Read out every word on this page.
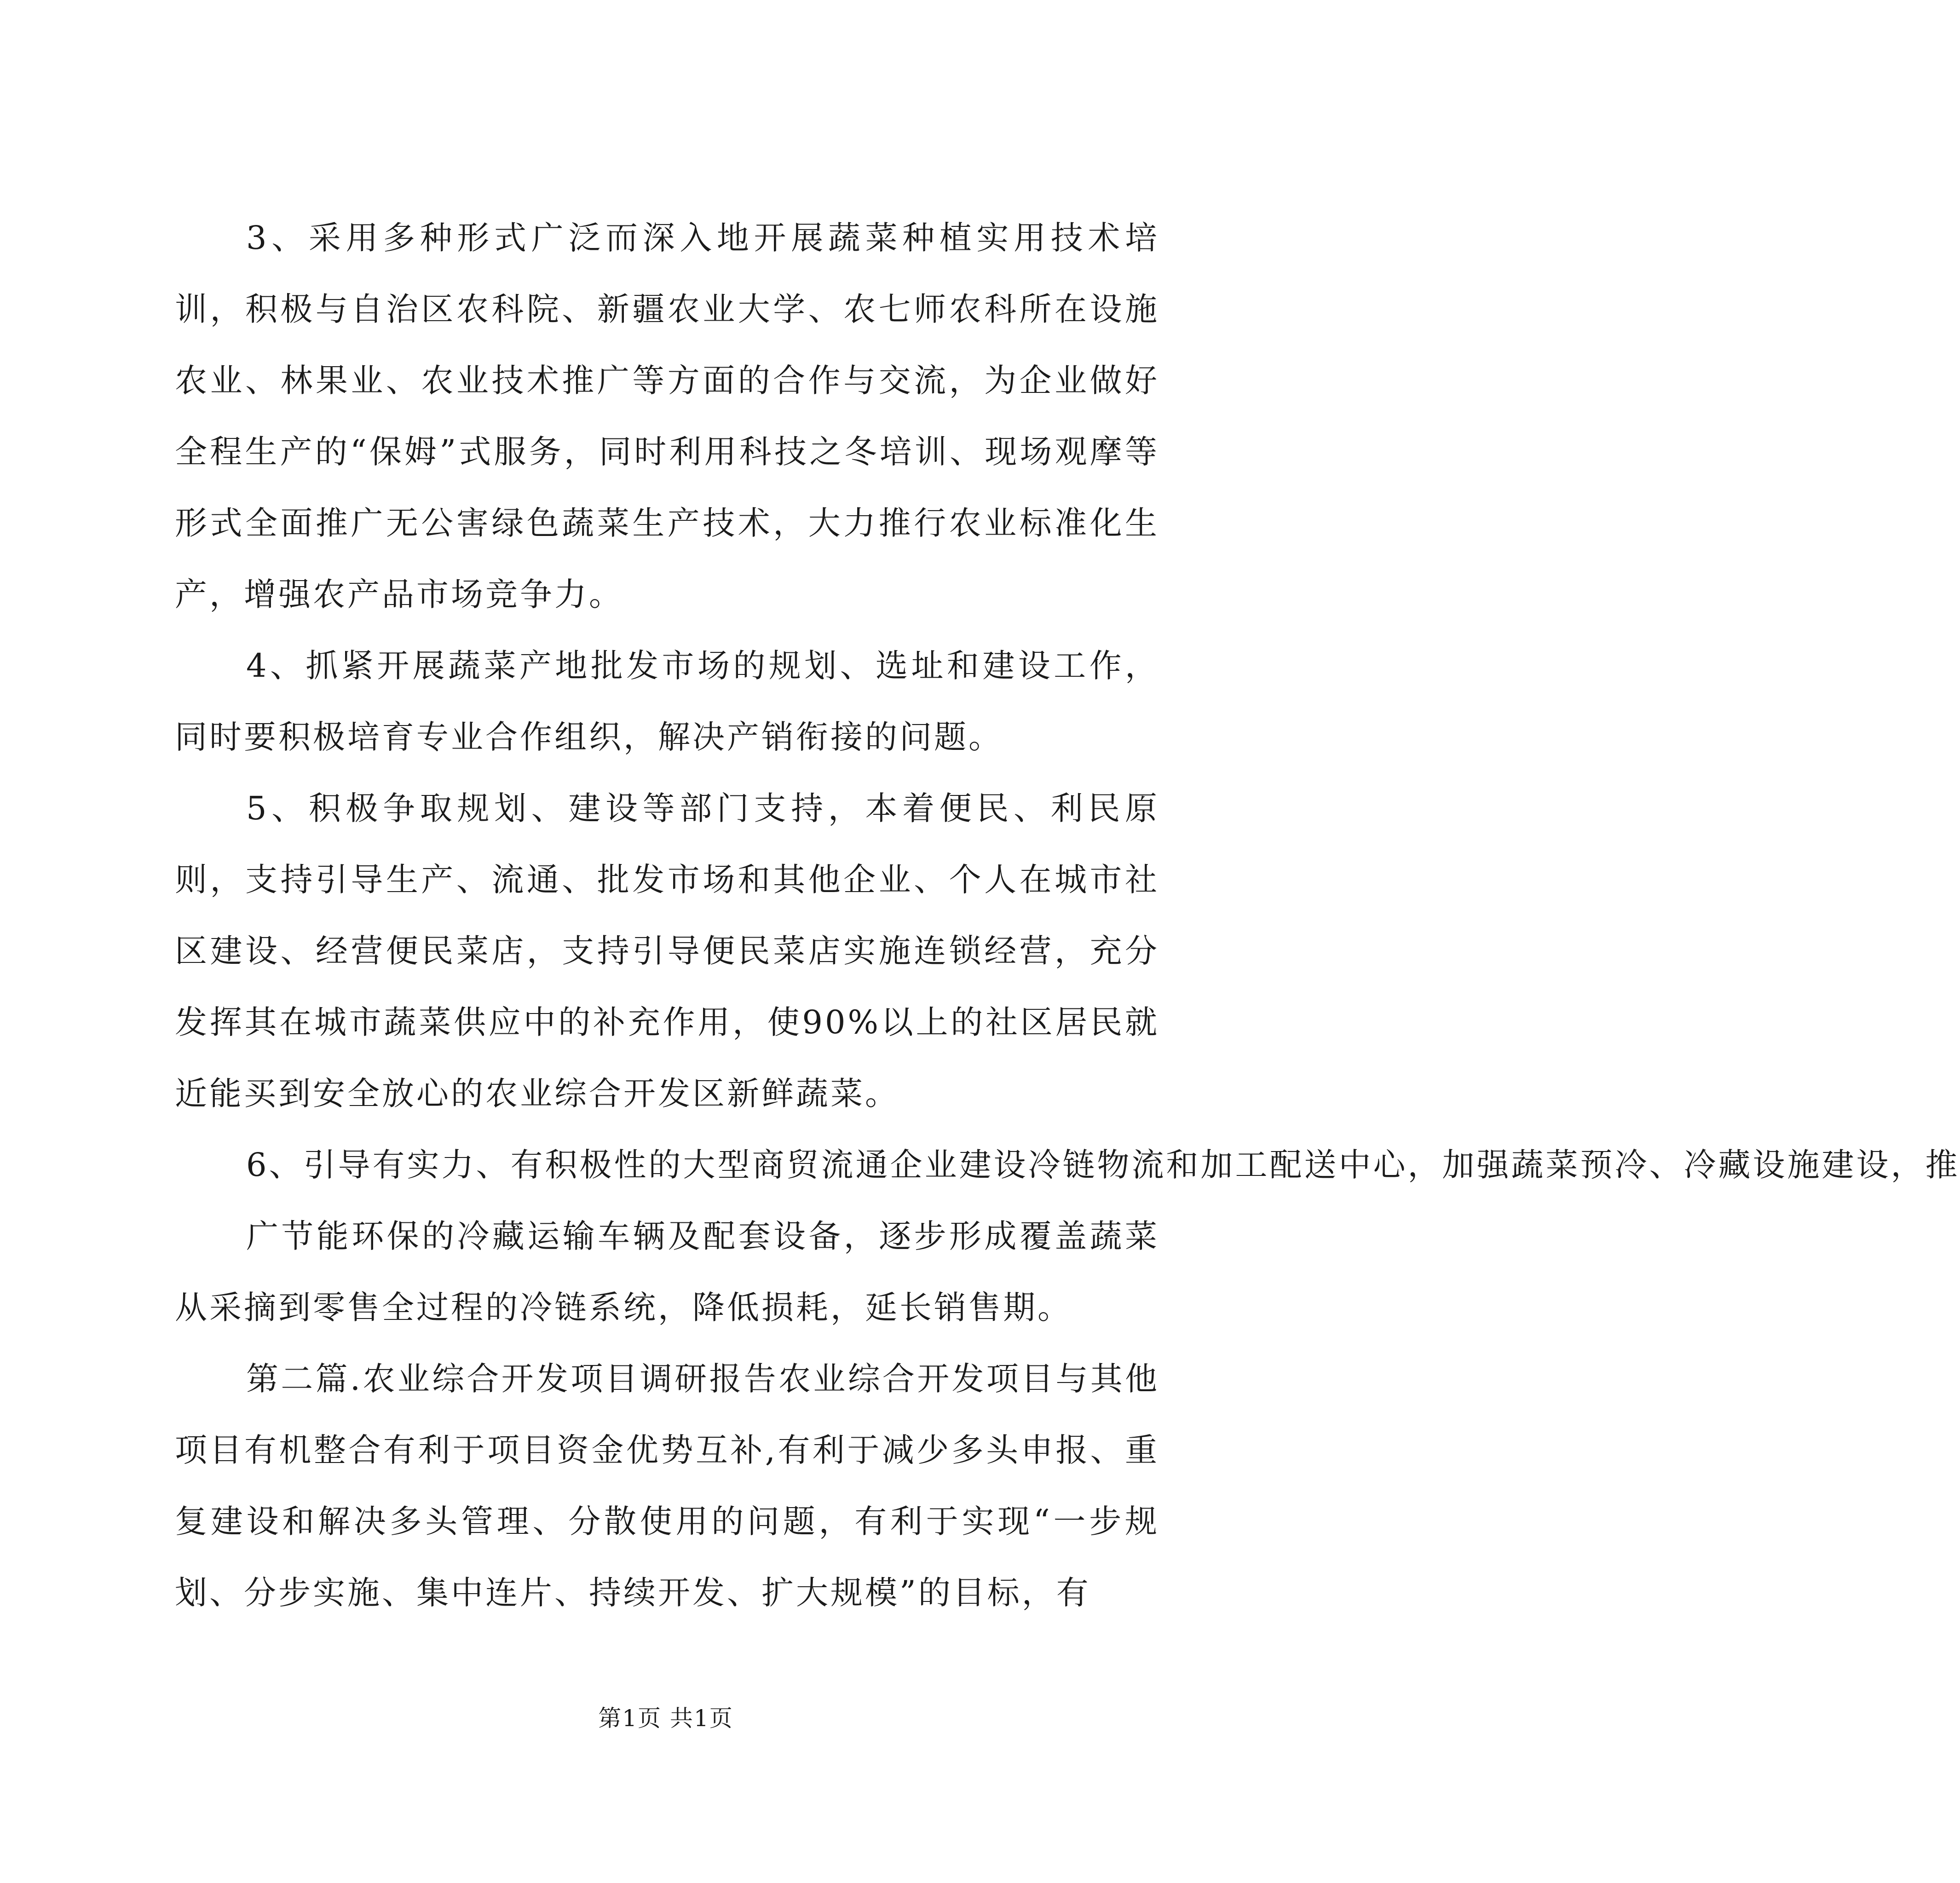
3、采用多种形式广泛而深入地开展蔬菜种植实用技术培训，积极与自治区农科院、新疆农业大学、农七师农科所在设施农业、林果业、农业技术推广等方面的合作与交流，为企业做好全程生产的“保姆”式服务，同时利用科技之冬培训、现场观摩等形式全面推广无公害绿色蔬菜生产技术，大力推行农业标准化生产，增强农产品市场竞争力。

4、抓紧开展蔬菜产地批发市场的规划、选址和建设工作，同时要积极培育专业合作组织，解决产销衔接的问题。

5、积极争取规划、建设等部门支持，本着便民、利民原则，支持引导生产、流通、批发市场和其他企业、个人在城市社区建设、经营便民菜店，支持引导便民菜店实施连锁经营，充分发挥其在城市蔬菜供应中的补充作用，使90%以上的社区居民就近能买到安全放心的农业综合开发区新鲜蔬菜。

6、引导有实力、有积极性的大型商贸流通企业建设冷链物流和加工配送中心，加强蔬菜预冷、冷藏设施建设，推

广节能环保的冷藏运输车辆及配套设备，逐步形成覆盖蔬菜从采摘到零售全过程的冷链系统，降低损耗，延长销售期。

第二篇.农业综合开发项目调研报告农业综合开发项目与其他项目有机整合有利于项目资金优势互补,有利于减少多头申报、重复建设和解决多头管理、分散使用的问题，有利于实现“一步规划、分步实施、集中连片、持续开发、扩大规模”的目标，有

第1页 共1页
